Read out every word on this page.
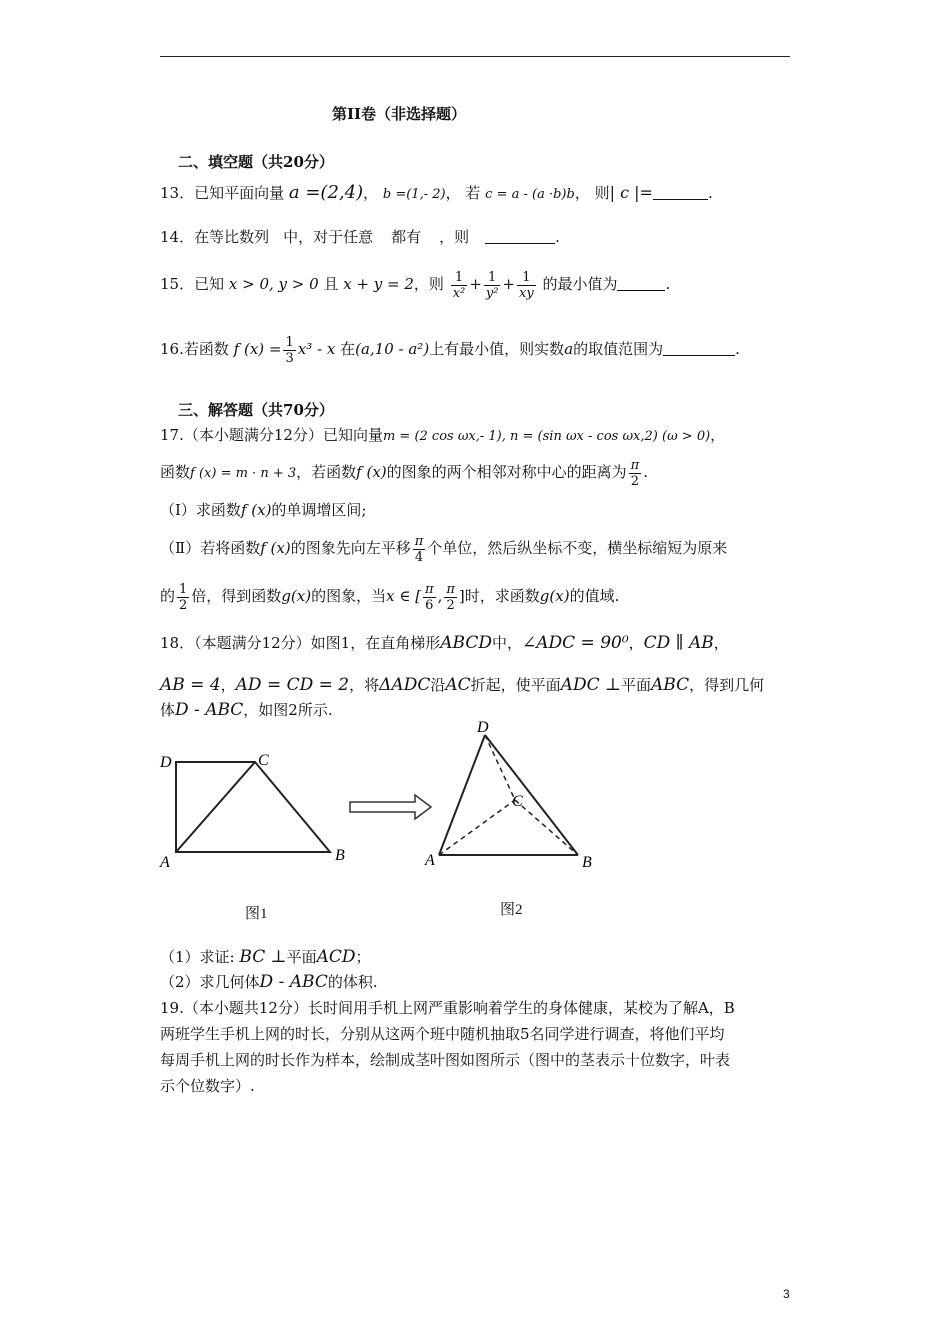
第II卷（非选择题）
二、填空题（共20分）
13．已知平面向量 a =(2,4)， b =(1,- 2)， 若 c = a - (a ·b)b， 则| c |=	.
14．在等比数列 中，对于任意 都有 ，则	.
15．已知 x > 0, y > 0 且 x + y = 2，则 $\frac{1}{\text{x²}} + \frac{1}{\text{y²}} + \frac{1}{xy}$ 的最小值为	.
16.若函数 f $(x) = \frac{1}{3} x^3 - x$ 在(a,10 - a²)上有最小值，则实数a的取值范围为	.
三、解答题（共70分）
17.（本小题满分12分）已知向量m = (2 cos ωx,- 1), n = (sin ωx - cos ωx,2) (ω > 0)，
函数f (x) = m · n + 3，若函数f (x)的图象的两个相邻对称中心的距离为 $\frac{\pi}{2}$ .
（Ⅰ）求函数f (x)的单调增区间;
（Ⅱ）若将函数f (x)的图象先向左平移 $\frac{\pi}{4}$ 个单位，然后纵坐标不变，横坐标缩短为原来
的 $\frac{1}{2}$ 倍，得到函数g(x)的图象，当x ∈ [ $\frac{\pi}{6}$ , $\frac{\pi}{2}$ ]时，求函数g(x)的值域.
18．（本题满分12分）如图1，在直角梯形ABCD中，∠ADC = 90⁰，CD ∥ AB，
AB = 4，AD = CD = 2，将ΔADC沿AC折起，使平面ADC ⊥平面ABC，得到几何
体D - ABC，如图2所示.
D	C
A	B
D
C
A	B
图1	图2
（1）求证: BC ⊥平面ACD；
（2）求几何体D - ABC的体积.
19.（本小题共12分）长时间用手机上网严重影响着学生的身体健康，某校为了解A，B
两班学生手机上网的时长，分别从这两个班中随机抽取5名同学进行调查，将他们平均
每周手机上网的时长作为样本，绘制成茎叶图如图所示（图中的茎表示十位数字，叶表
示个位数字）.
3
